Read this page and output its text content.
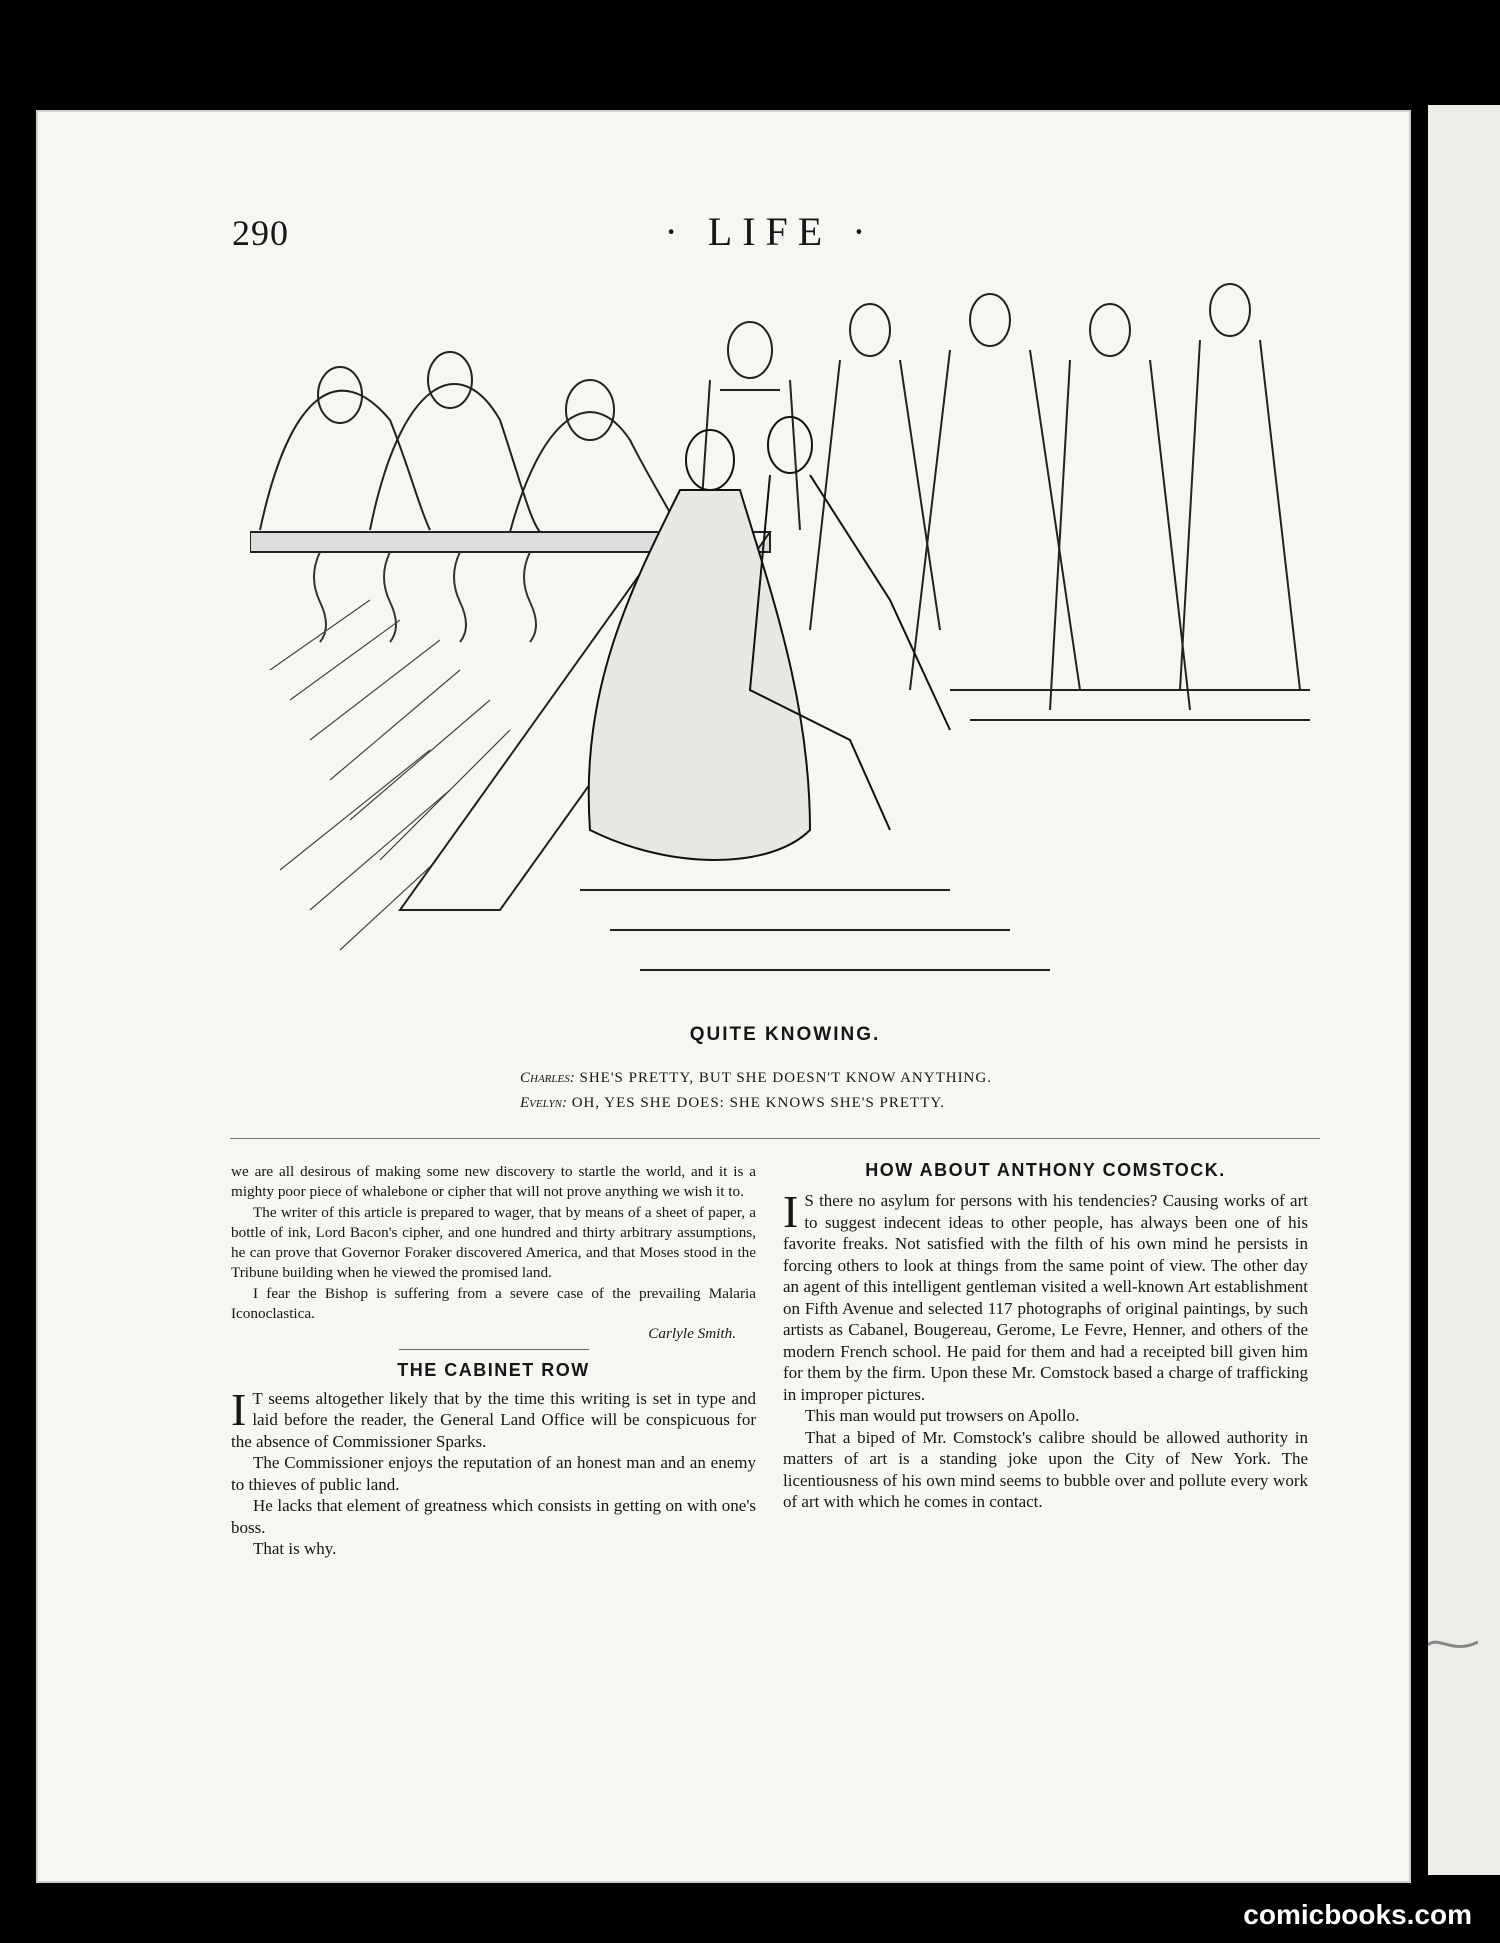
290	· LIFE ·
QUITE KNOWING.
Charles: SHE'S PRETTY, BUT SHE DOESN'T KNOW ANYTHING.
Evelyn: OH, YES SHE DOES: SHE KNOWS SHE'S PRETTY.

we are all desirous of making some new discovery to startle the world, and it is a mighty poor piece of whalebone or cipher that will not prove anything we wish it to.

The writer of this article is prepared to wager, that by means of a sheet of paper, a bottle of ink, Lord Bacon's cipher, and one hundred and thirty arbitrary assumptions, he can prove that Governor Foraker discovered America, and that Moses stood in the Tribune building when he viewed the promised land.

I fear the Bishop is suffering from a severe case of the prevailing Malaria Iconoclastica.

Carlyle Smith.
THE CABINET ROW

I T seems altogether likely that by the time this writing is set in type and laid before the reader, the General Land Office will be conspicuous for the absence of Commissioner Sparks.

The Commissioner enjoys the reputation of an honest man and an enemy to thieves of public land.

He lacks that element of greatness which consists in getting on with one's boss.

That is why.

HOW ABOUT ANTHONY COMSTOCK.

I S there no asylum for persons with his tendencies? Causing works of art to suggest indecent ideas to other people, has always been one of his favorite freaks. Not satisfied with the filth of his own mind he persists in forcing others to look at things from the same point of view. The other day an agent of this intelligent gentleman visited a well-known Art establishment on Fifth Avenue and selected 117 photographs of original paintings, by such artists as Cabanel, Bougereau, Gerome, Le Fevre, Henner, and others of the modern French school. He paid for them and had a receipted bill given him for them by the firm. Upon these Mr. Comstock based a charge of trafficking in improper pictures.

This man would put trowsers on Apollo.

That a biped of Mr. Comstock's calibre should be allowed authority in matters of art is a standing joke upon the City of New York. The licentiousness of his own mind seems to bubble over and pollute every work of art with which he comes in contact.

comicbooks.com
